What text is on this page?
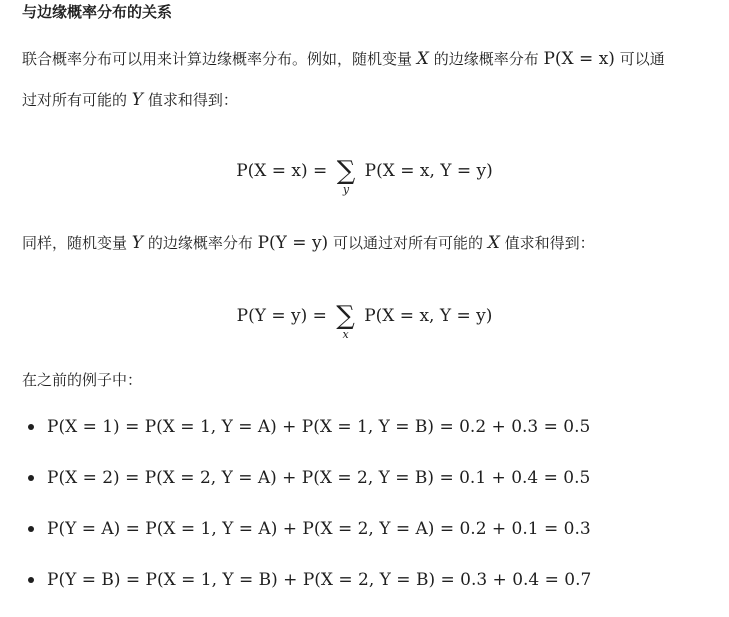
与边缘概率分布的关系
联合概率分布可以用来计算边缘概率分布。例如，随机变量 X 的边缘概率分布 P(X = x) 可以通
过对所有可能的 Y 值求和得到：
P(X = x) = ∑
y
P(X = x, Y = y)
同样，随机变量 Y 的边缘概率分布 P(Y = y) 可以通过对所有可能的 X 值求和得到：
P(Y = y) = ∑
x
P(X = x, Y = y)
在之前的例子中：
P(X = 1) = P(X = 1, Y = A) + P(X = 1, Y = B) = 0.2 + 0.3 = 0.5
P(X = 2) = P(X = 2, Y = A) + P(X = 2, Y = B) = 0.1 + 0.4 = 0.5
P(Y = A) = P(X = 1, Y = A) + P(X = 2, Y = A) = 0.2 + 0.1 = 0.3
P(Y = B) = P(X = 1, Y = B) + P(X = 2, Y = B) = 0.3 + 0.4 = 0.7
